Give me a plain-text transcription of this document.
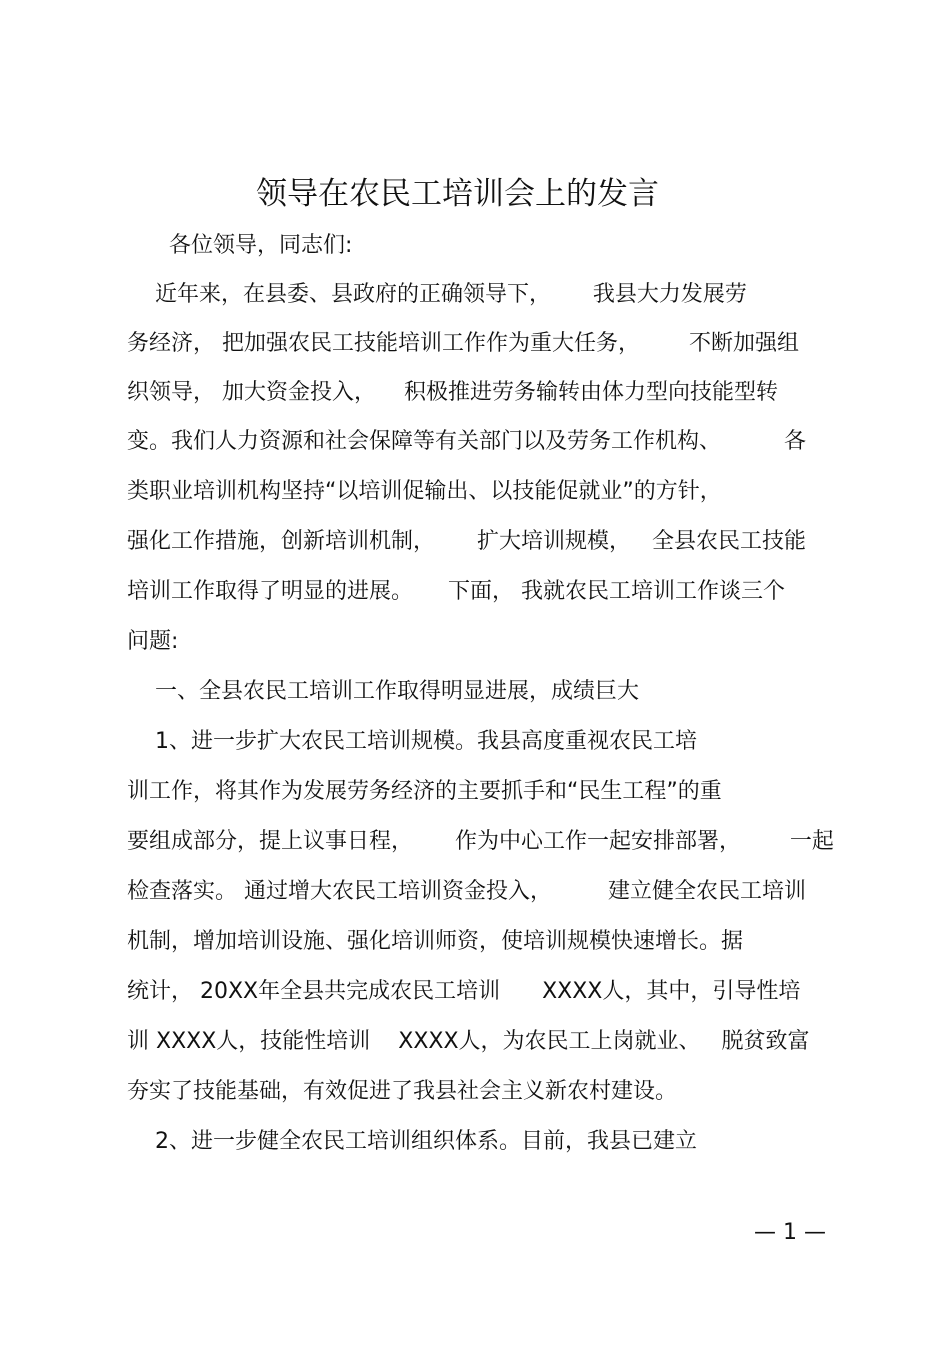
领导在农民工培训会上的发言
各位领导，同志们:
近年来，在县委、县政府的正确领导下，      我县大力发展劳
务经济， 把加强农民工技能培训工作作为重大任务，       不断加强组
织领导， 加大资金投入，    积极推进劳务输转由体力型向技能型转
变。我们人力资源和社会保障等有关部门以及劳务工作机构、         各
类职业培训机构坚持“以培训促输出、以技能促就业”的方针，
强化工作措施，创新培训机制，      扩大培训规模，   全县农民工技能
培训工作取得了明显的进展。     下面， 我就农民工培训工作谈三个
问题:
一、全县农民工培训工作取得明显进展，成绩巨大
1、进一步扩大农民工培训规模。我县高度重视农民工培
训工作，将其作为发展劳务经济的主要抓手和“民生工程”的重
要组成部分，提上议事日程，      作为中心工作一起安排部署，       一起
检查落实。 通过增大农民工培训资金投入，        建立健全农民工培训
机制，增加培训设施、强化培训师资，使培训规模快速增长。据
统计， 20XX年全县共完成农民工培训      XXXX人，其中，引导性培
训 XXXX人，技能性培训    XXXX人，为农民工上岗就业、   脱贫致富
夯实了技能基础，有效促进了我县社会主义新农村建设。
2、进一步健全农民工培训组织体系。目前，我县已建立
— 1 —
